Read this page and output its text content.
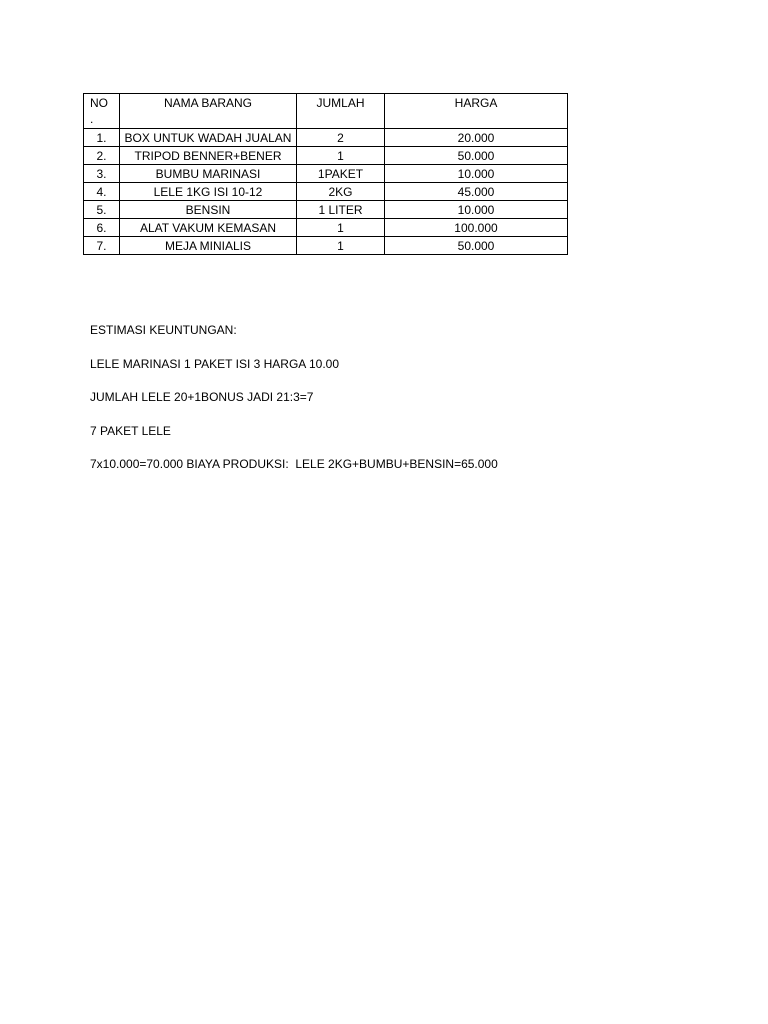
NO
.	NAMA BARANG	JUMLAH	HARGA
1.	BOX UNTUK WADAH JUALAN	2	20.000
2.	TRIPOD BENNER+BENER	1	50.000
3.	BUMBU MARINASI	1PAKET	10.000
4.	LELE 1KG ISI 10-12	2KG	45.000
5.	BENSIN	1 LITER	10.000
6.	ALAT VAKUM KEMASAN	1	100.000
7.	MEJA MINIALIS	1	50.000

ESTIMASI KEUNTUNGAN:

LELE MARINASI 1 PAKET ISI 3 HARGA 10.00

JUMLAH LELE 20+1BONUS JADI 21:3=7

7 PAKET LELE

7x10.000=70.000 BIAYA PRODUKSI:  LELE 2KG+BUMBU+BENSIN=65.000
